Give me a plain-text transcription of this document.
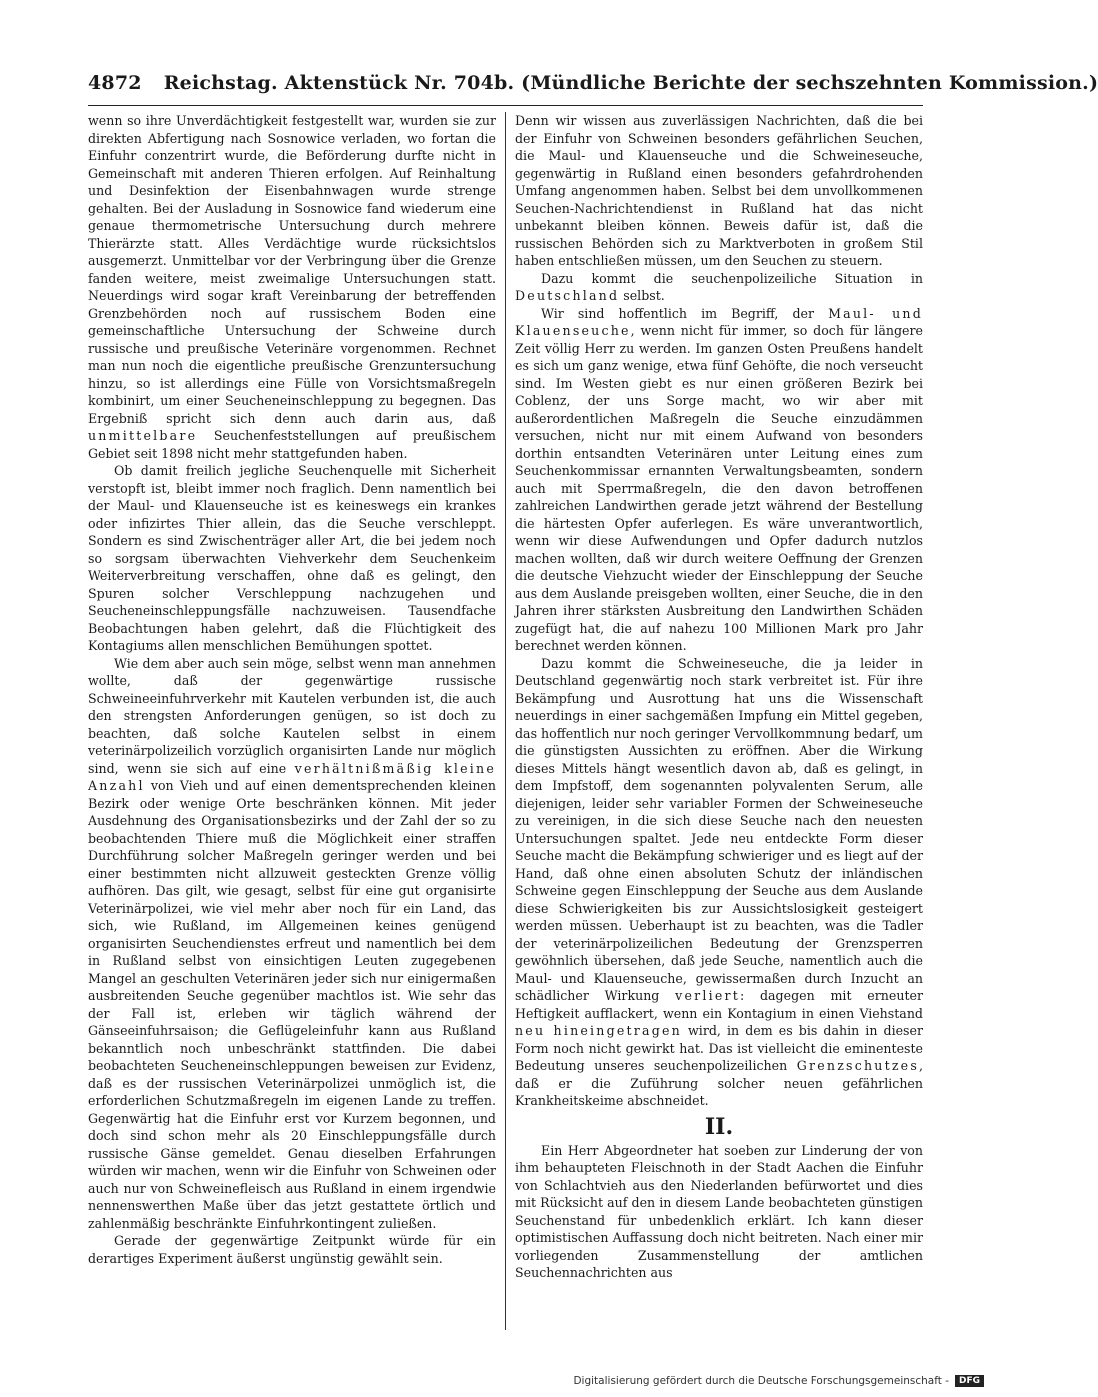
4872 Reichstag. Aktenstück Nr. 704b. (Mündliche Berichte der sechszehnten Kommission.)

wenn so ihre Unverdächtigkeit festgestellt war, wurden sie zur direkten Abfertigung nach Sosnowice verladen, wo fortan die Einfuhr conzentrirt wurde, die Beförderung durfte nicht in Gemeinschaft mit anderen Thieren erfolgen. Auf Reinhaltung und Desinfektion der Eisenbahnwagen wurde strenge gehalten. Bei der Ausladung in Sosnowice fand wiederum eine genaue thermometrische Untersuchung durch mehrere Thierärzte statt. Alles Verdächtige wurde rücksichtslos ausgemerzt. Unmittelbar vor der Verbringung über die Grenze fanden weitere, meist zweimalige Untersuchungen statt. Neuerdings wird sogar kraft Vereinbarung der betreffenden Grenzbehörden noch auf russischem Boden eine gemeinschaftliche Untersuchung der Schweine durch russische und preußische Veterinäre vorgenommen. Rechnet man nun noch die eigentliche preußische Grenzuntersuchung hinzu, so ist allerdings eine Fülle von Vorsichtsmaßregeln kombinirt, um einer Seucheneinschleppung zu begegnen. Das Ergebniß spricht sich denn auch darin aus, daß unmittelbare Seuchenfeststellungen auf preußischem Gebiet seit 1898 nicht mehr stattgefunden haben.

Ob damit freilich jegliche Seuchenquelle mit Sicherheit verstopft ist, bleibt immer noch fraglich. Denn namentlich bei der Maul- und Klauenseuche ist es keineswegs ein krankes oder infizirtes Thier allein, das die Seuche verschleppt. Sondern es sind Zwischenträger aller Art, die bei jedem noch so sorgsam überwachten Viehverkehr dem Seuchenkeim Weiterverbreitung verschaffen, ohne daß es gelingt, den Spuren solcher Verschleppung nachzugehen und Seucheneinschleppungsfälle nachzuweisen. Tausendfache Beobachtungen haben gelehrt, daß die Flüchtigkeit des Kontagiums allen menschlichen Bemühungen spottet.

Wie dem aber auch sein möge, selbst wenn man annehmen wollte, daß der gegenwärtige russische Schweineeinfuhrverkehr mit Kautelen verbunden ist, die auch den strengsten Anforderungen genügen, so ist doch zu beachten, daß solche Kautelen selbst in einem veterinärpolizeilich vorzüglich organisirten Lande nur möglich sind, wenn sie sich auf eine verhältnißmäßig kleine Anzahl von Vieh und auf einen dementsprechenden kleinen Bezirk oder wenige Orte beschränken können. Mit jeder Ausdehnung des Organisationsbezirks und der Zahl der so zu beobachtenden Thiere muß die Möglichkeit einer straffen Durchführung solcher Maßregeln geringer werden und bei einer bestimmten nicht allzuweit gesteckten Grenze völlig aufhören. Das gilt, wie gesagt, selbst für eine gut organisirte Veterinärpolizei, wie viel mehr aber noch für ein Land, das sich, wie Rußland, im Allgemeinen keines genügend organisirten Seuchendienstes erfreut und namentlich bei dem in Rußland selbst von einsichtigen Leuten zugegebenen Mangel an geschulten Veterinären jeder sich nur einigermaßen ausbreitenden Seuche gegenüber machtlos ist. Wie sehr das der Fall ist, erleben wir täglich während der Gänseeinfuhrsaison; die Geflügeleinfuhr kann aus Rußland bekanntlich noch unbeschränkt stattfinden. Die dabei beobachteten Seucheneinschleppungen beweisen zur Evidenz, daß es der russischen Veterinärpolizei unmöglich ist, die erforderlichen Schutzmaßregeln im eigenen Lande zu treffen. Gegenwärtig hat die Einfuhr erst vor Kurzem begonnen, und doch sind schon mehr als 20 Einschleppungsfälle durch russische Gänse gemeldet. Genau dieselben Erfahrungen würden wir machen, wenn wir die Einfuhr von Schweinen oder auch nur von Schweinefleisch aus Rußland in einem irgendwie nennenswerthen Maße über das jetzt gestattete örtlich und zahlenmäßig beschränkte Einfuhrkontingent zuließen.

Gerade der gegenwärtige Zeitpunkt würde für ein derartiges Experiment äußerst ungünstig gewählt sein.

Denn wir wissen aus zuverlässigen Nachrichten, daß die bei der Einfuhr von Schweinen besonders gefährlichen Seuchen, die Maul- und Klauenseuche und die Schweineseuche, gegenwärtig in Rußland einen besonders gefahrdrohenden Umfang angenommen haben. Selbst bei dem unvollkommenen Seuchen-Nachrichtendienst in Rußland hat das nicht unbekannt bleiben können. Beweis dafür ist, daß die russischen Behörden sich zu Marktverboten in großem Stil haben entschließen müssen, um den Seuchen zu steuern.

Dazu kommt die seuchenpolizeiliche Situation in Deutschland selbst.

Wir sind hoffentlich im Begriff, der Maul- und Klauenseuche, wenn nicht für immer, so doch für längere Zeit völlig Herr zu werden. Im ganzen Osten Preußens handelt es sich um ganz wenige, etwa fünf Gehöfte, die noch verseucht sind. Im Westen giebt es nur einen größeren Bezirk bei Coblenz, der uns Sorge macht, wo wir aber mit außerordentlichen Maßregeln die Seuche einzudämmen versuchen, nicht nur mit einem Aufwand von besonders dorthin entsandten Veterinären unter Leitung eines zum Seuchenkommissar ernannten Verwaltungsbeamten, sondern auch mit Sperrmaßregeln, die den davon betroffenen zahlreichen Landwirthen gerade jetzt während der Bestellung die härtesten Opfer auferlegen. Es wäre unverantwortlich, wenn wir diese Aufwendungen und Opfer dadurch nutzlos machen wollten, daß wir durch weitere Oeffnung der Grenzen die deutsche Viehzucht wieder der Einschleppung der Seuche aus dem Auslande preisgeben wollten, einer Seuche, die in den Jahren ihrer stärksten Ausbreitung den Landwirthen Schäden zugefügt hat, die auf nahezu 100 Millionen Mark pro Jahr berechnet werden können.

Dazu kommt die Schweineseuche, die ja leider in Deutschland gegenwärtig noch stark verbreitet ist. Für ihre Bekämpfung und Ausrottung hat uns die Wissenschaft neuerdings in einer sachgemäßen Impfung ein Mittel gegeben, das hoffentlich nur noch geringer Vervollkommnung bedarf, um die günstigsten Aussichten zu eröffnen. Aber die Wirkung dieses Mittels hängt wesentlich davon ab, daß es gelingt, in dem Impfstoff, dem sogenannten polyvalenten Serum, alle diejenigen, leider sehr variabler Formen der Schweineseuche zu vereinigen, in die sich diese Seuche nach den neuesten Untersuchungen spaltet. Jede neu entdeckte Form dieser Seuche macht die Bekämpfung schwieriger und es liegt auf der Hand, daß ohne einen absoluten Schutz der inländischen Schweine gegen Einschleppung der Seuche aus dem Auslande diese Schwierigkeiten bis zur Aussichtslosigkeit gesteigert werden müssen. Ueberhaupt ist zu beachten, was die Tadler der veterinärpolizeilichen Bedeutung der Grenzsperren gewöhnlich übersehen, daß jede Seuche, namentlich auch die Maul- und Klauenseuche, gewissermaßen durch Inzucht an schädlicher Wirkung verliert: dagegen mit erneuter Heftigkeit aufflackert, wenn ein Kontagium in einen Viehstand neu hineingetragen wird, in dem es bis dahin in dieser Form noch nicht gewirkt hat. Das ist vielleicht die eminenteste Bedeutung unseres seuchenpolizeilichen Grenzschutzes, daß er die Zuführung solcher neuen gefährlichen Krankheitskeime abschneidet.

II.

Ein Herr Abgeordneter hat soeben zur Linderung der von ihm behaupteten Fleischnoth in der Stadt Aachen die Einfuhr von Schlachtvieh aus den Niederlanden befürwortet und dies mit Rücksicht auf den in diesem Lande beobachteten günstigen Seuchenstand für unbedenklich erklärt. Ich kann dieser optimistischen Auffassung doch nicht beitreten. Nach einer mir vorliegenden Zusammenstellung der amtlichen Seuchennachrichten aus

Digitalisierung gefördert durch die Deutsche Forschungsgemeinschaft -	DFG
